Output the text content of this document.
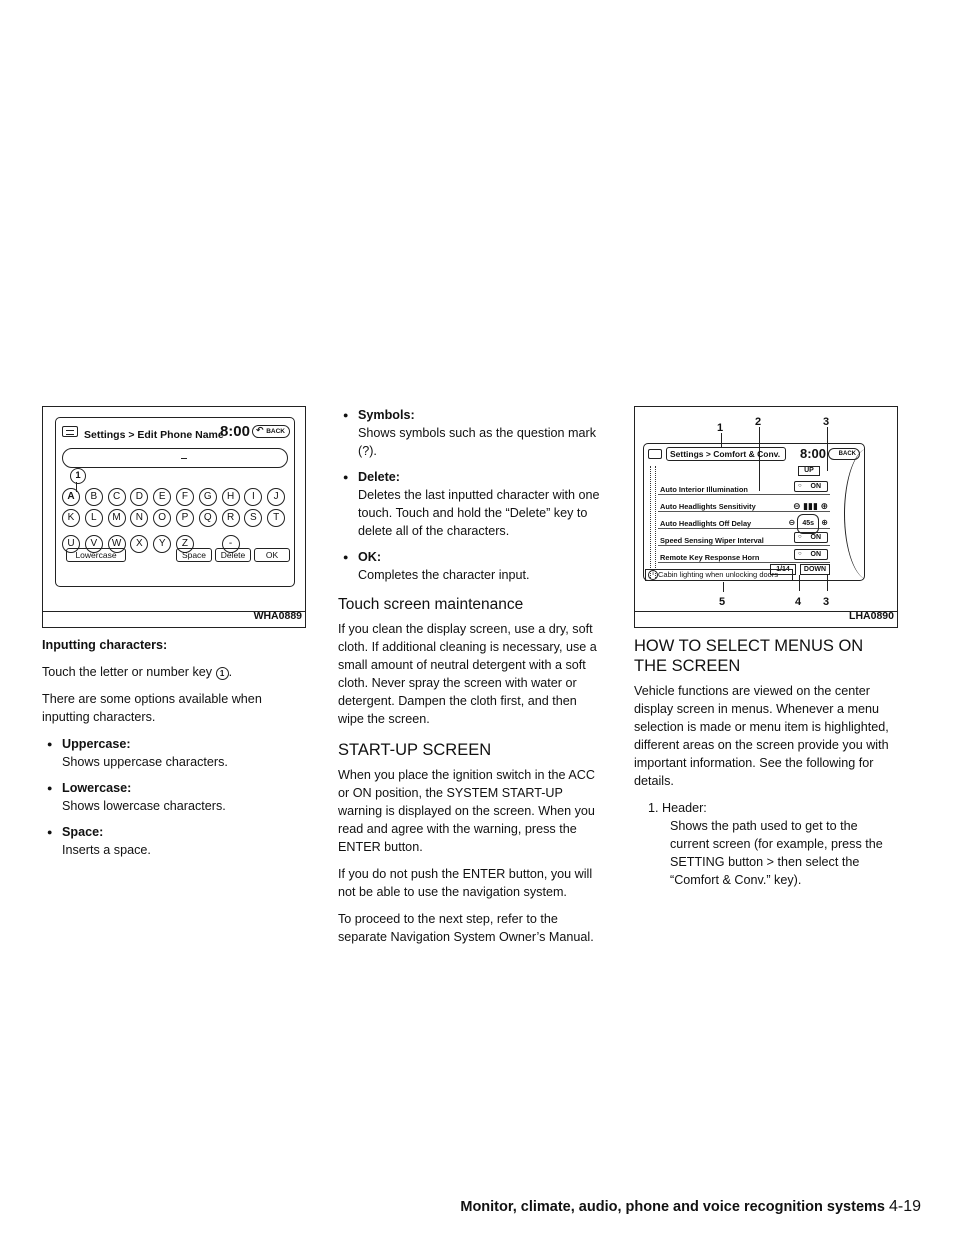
Settings > Edit Phone Name
8:00	↶ BACK
A B C D E F G H I J
K L M N O P Q R S T
U V W X Y Z	-
Lowercase	Space	Delete	OK
1
WHA0889

Inputting characters:

Touch the letter or number key 1 .

There are some options available when inputting characters.

● Uppercase:
Shows uppercase characters.
● Lowercase:
Shows lowercase characters.
● Space:
Inserts a space.
● Symbols:
Shows symbols such as the question mark (?).
● Delete:
Deletes the last inputted character with one touch. Touch and hold the “Delete” key to delete all of the characters.
● OK:
Completes the character input.
Touch screen maintenance

If you clean the display screen, use a dry, soft cloth. If additional cleaning is necessary, use a small amount of neutral detergent with a soft cloth. Never spray the screen with water or detergent. Dampen the cloth first, and then wipe the screen.

START-UP SCREEN

When you place the ignition switch in the ACC or ON position, the SYSTEM START-UP warning is displayed on the screen. When you read and agree with the warning, press the ENTER button.

If you do not push the ENTER button, you will not be able to use the navigation system.

To proceed to the next step, refer to the separate Navigation System Owner’s Manual.

1	2	3
Settings > Comfort & Conv.	8:00	BACK
UP
Auto Interior Illumination	○ ON
Auto Headlights Sensitivity	⊖ ▮▮▮ ⊕
Auto Headlights Off Delay	⊖ 45s ⊕
Speed Sensing Wiper Interval	○ ON
Remote Key Response Horn	○ ON
1/14	DOWN
i Cabin lighting when unlocking doors
5	4 3
LHA0890
HOW TO SELECT MENUS ON THE SCREEN

Vehicle functions are viewed on the center display screen in menus. Whenever a menu selection is made or menu item is highlighted, different areas on the screen provide you with important information. See the following for details.

1. Header:
Shows the path used to get to the current screen (for example, press the SETTING button > then select the “Comfort & Conv.” key).
Monitor, climate, audio, phone and voice recognition systems 4-19
